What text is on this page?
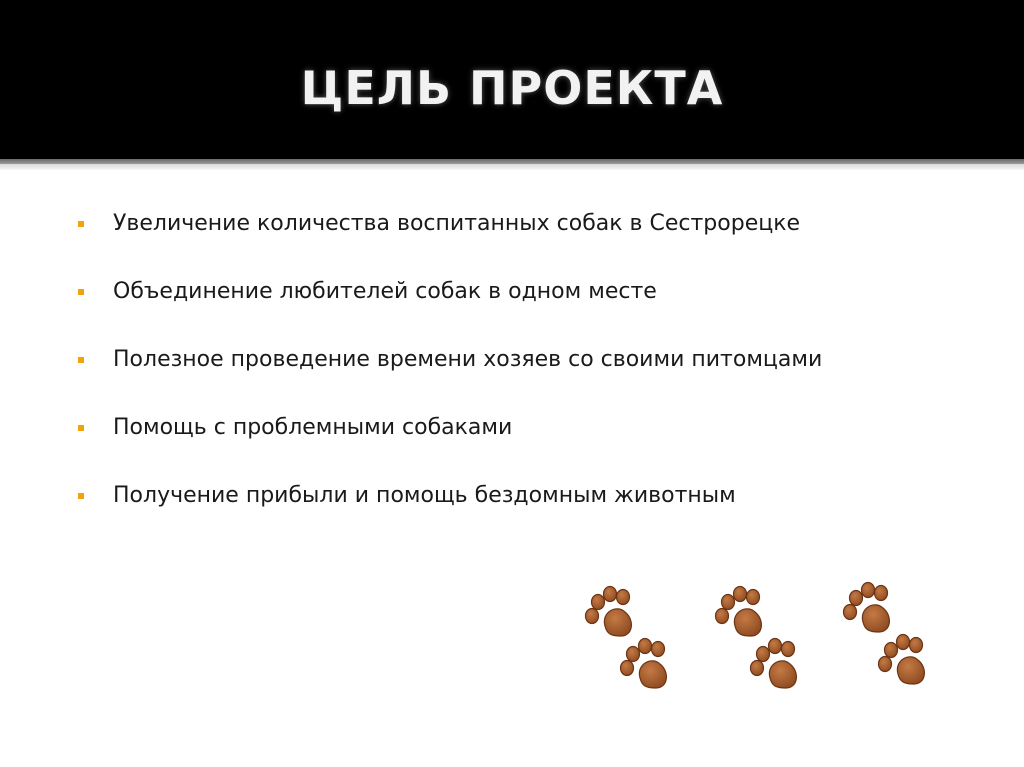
ЦЕЛЬ ПРОЕКТА
Увеличение количества воспитанных собак в Сестрорецке
Объединение любителей собак в одном месте
Полезное проведение времени хозяев со своими питомцами
Помощь с проблемными собаками
Получение прибыли и помощь бездомным животным
